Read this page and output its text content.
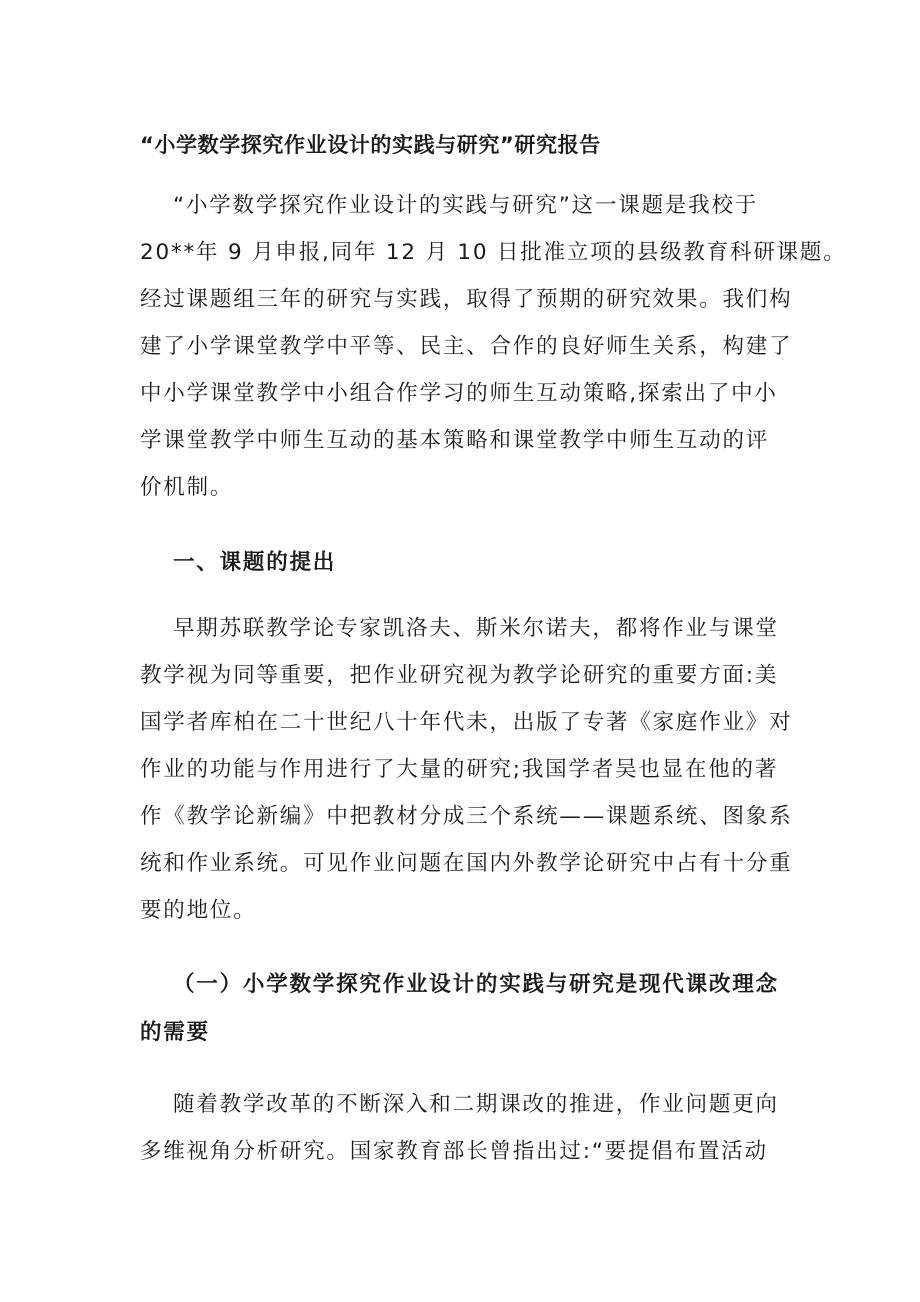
“小学数学探究作业设计的实践与研究”研究报告

“小学数学探究作业设计的实践与研究”这一课题是我校于

20**年 9 月申报,同年 12 月 10 日批准立项的县级教育科研课题。

经过课题组三年的研究与实践，取得了预期的研究效果。我们构

建了小学课堂教学中平等、民主、合作的良好师生关系，构建了

中小学课堂教学中小组合作学习的师生互动策略,探索出了中小

学课堂教学中师生互动的基本策略和课堂教学中师生互动的评

价机制。

一、课题的提出

早期苏联教学论专家凯洛夫、斯米尔诺夫，都将作业与课堂

教学视为同等重要，把作业研究视为教学论研究的重要方面:美

国学者库柏在二十世纪八十年代未，出版了专著《家庭作业》对

作业的功能与作用进行了大量的研究;我国学者吴也显在他的著

作《教学论新编》中把教材分成三个系统——课题系统、图象系

统和作业系统。可见作业问题在国内外教学论研究中占有十分重

要的地位。

（一）小学数学探究作业设计的实践与研究是现代课改理念

的需要

随着教学改革的不断深入和二期课改的推进，作业问题更向

多维视角分析研究。国家教育部长曾指出过:“要提倡布置活动
